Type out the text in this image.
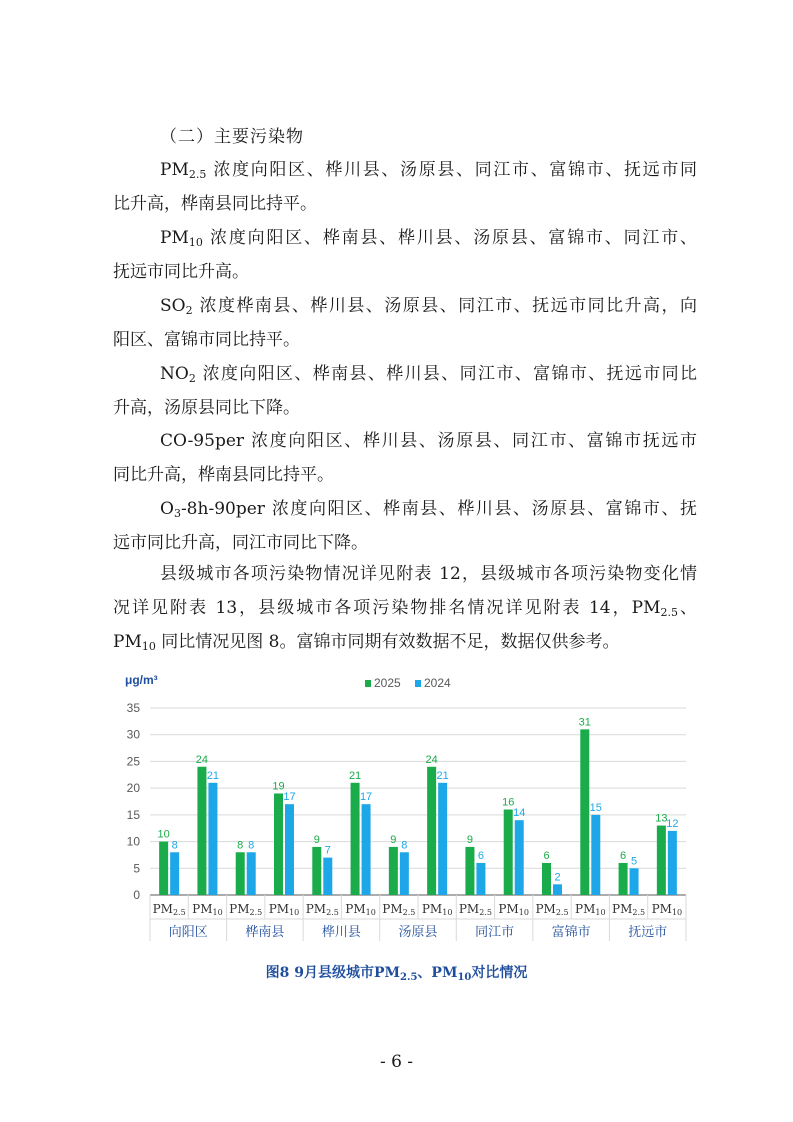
（二）主要污染物
$PM_{2.5}$ 浓度向阳区、桦川县、汤原县、同江市、富锦市、抚远市同
比升高，桦南县同比持平。
$PM_{10}$ 浓度向阳区、桦南县、桦川县、汤原县、富锦市、同江市、
抚远市同比升高。
$SO_2$ 浓度桦南县、桦川县、汤原县、同江市、抚远市同比升高，向
阳区、富锦市同比持平。
$NO_2$ 浓度向阳区、桦南县、桦川县、同江市、富锦市、抚远市同比
升高，汤原县同比下降。
CO-95per 浓度向阳区、桦川县、汤原县、同江市、富锦市抚远市
同比升高，桦南县同比持平。
$O_3-8h-90per$ 浓度向阳区、桦南县、桦川县、汤原县、富锦市、抚
远市同比升高，同江市同比下降。
县级城市各项污染物情况详见附表 12，县级城市各项污染物变化情
况详见附表 13，县级城市各项污染物排名情况详见附表 14，$PM_{2.5}$、
$PM_{10}$ 同比情况见图 8。富锦市同期有效数据不足，数据仅供参考。
0
5
10
15
20
25
30
35
μg/m³	2025 2024
PM2.5
10
8
PM10
24
21
向阳区
PM2.5
8 8
PM10
19
17
桦南县
PM2.5
9
7
PM10
21
17
桦川县
PM2.5
9 8
PM10
24
21
汤原县
PM2.5
9
6
PM10
16
14
同江市
PM2.5
6
2
PM10
31
15
富锦市
PM2.5
6 5
PM10
13
12
抚远市
图8 9月县级城市$PM_{2.5}$、$PM_{10}$对比情况
- 6 -
